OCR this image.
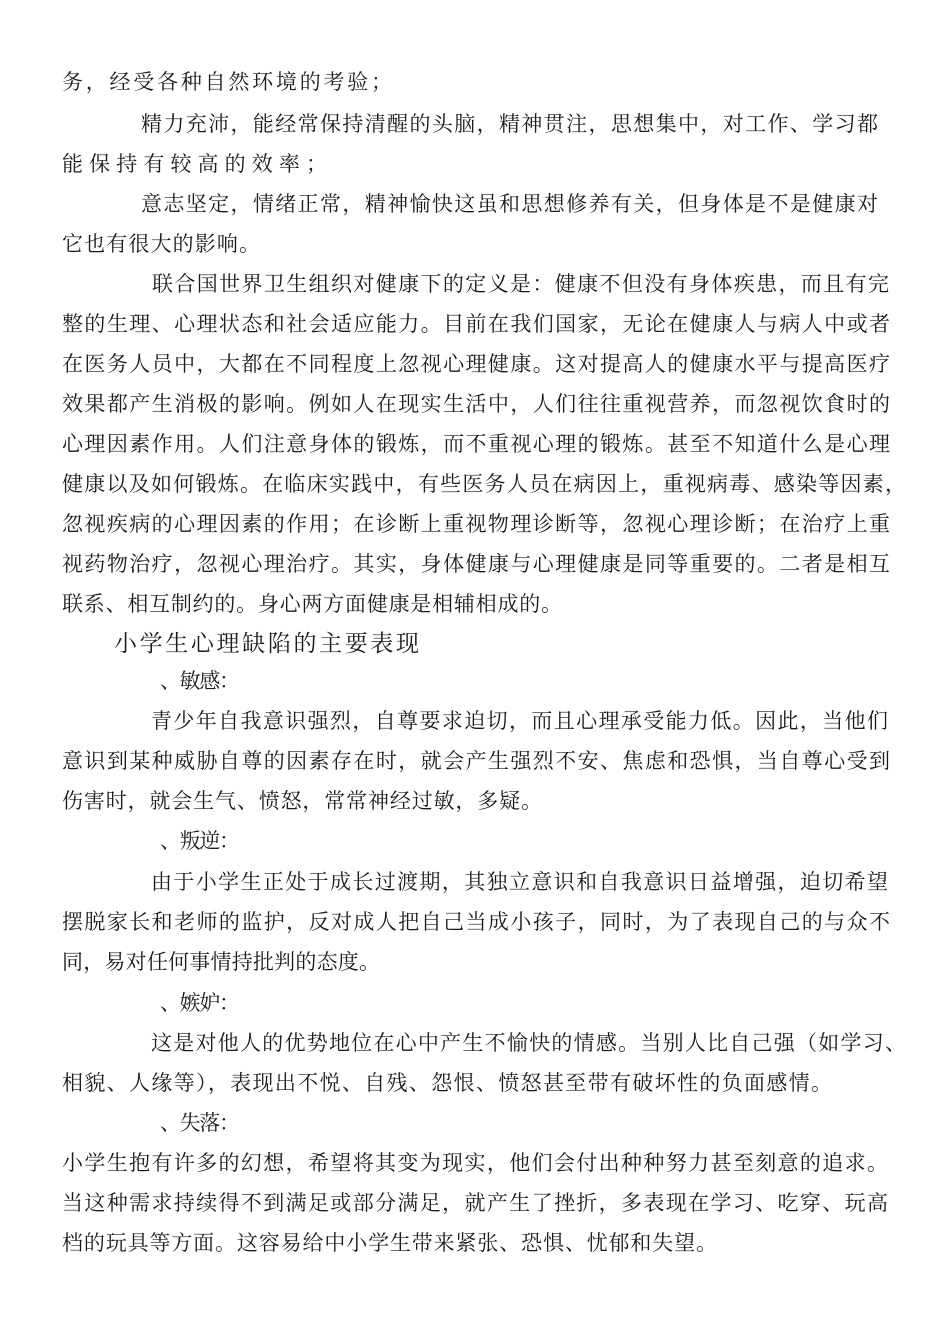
务，经受各种自然环境的考验；
精力充沛，能经常保持清醒的头脑，精神贯注，思想集中，对工作、学习都
能保持有较高的效率；
意志坚定，情绪正常，精神愉快这虽和思想修养有关，但身体是不是健康对
它也有很大的影响。
联合国世界卫生组织对健康下的定义是：健康不但没有身体疾患，而且有完
整的生理、心理状态和社会适应能力。目前在我们国家，无论在健康人与病人中或者
在医务人员中，大都在不同程度上忽视心理健康。这对提高人的健康水平与提高医疗
效果都产生消极的影响。例如人在现实生活中，人们往往重视营养，而忽视饮食时的
心理因素作用。人们注意身体的锻炼，而不重视心理的锻炼。甚至不知道什么是心理
健康以及如何锻炼。在临床实践中，有些医务人员在病因上，重视病毒、感染等因素，
忽视疾病的心理因素的作用；在诊断上重视物理诊断等，忽视心理诊断；在治疗上重
视药物治疗，忽视心理治疗。其实，身体健康与心理健康是同等重要的。二者是相互
联系、相互制约的。身心两方面健康是相辅相成的。
小学生心理缺陷的主要表现
、敏感：
青少年自我意识强烈，自尊要求迫切，而且心理承受能力低。因此，当他们
意识到某种威胁自尊的因素存在时，就会产生强烈不安、焦虑和恐惧，当自尊心受到
伤害时，就会生气、愤怒，常常神经过敏，多疑。
、叛逆：
由于小学生正处于成长过渡期，其独立意识和自我意识日益增强，迫切希望
摆脱家长和老师的监护，反对成人把自己当成小孩子，同时，为了表现自己的与众不
同，易对任何事情持批判的态度。
、嫉妒：
这是对他人的优势地位在心中产生不愉快的情感。当别人比自己强（如学习、
相貌、人缘等），表现出不悦、自残、怨恨、愤怒甚至带有破坏性的负面感情。
、失落：
小学生抱有许多的幻想，希望将其变为现实，他们会付出种种努力甚至刻意的追求。
当这种需求持续得不到满足或部分满足，就产生了挫折，多表现在学习、吃穿、玩高
档的玩具等方面。这容易给中小学生带来紧张、恐惧、忧郁和失望。
